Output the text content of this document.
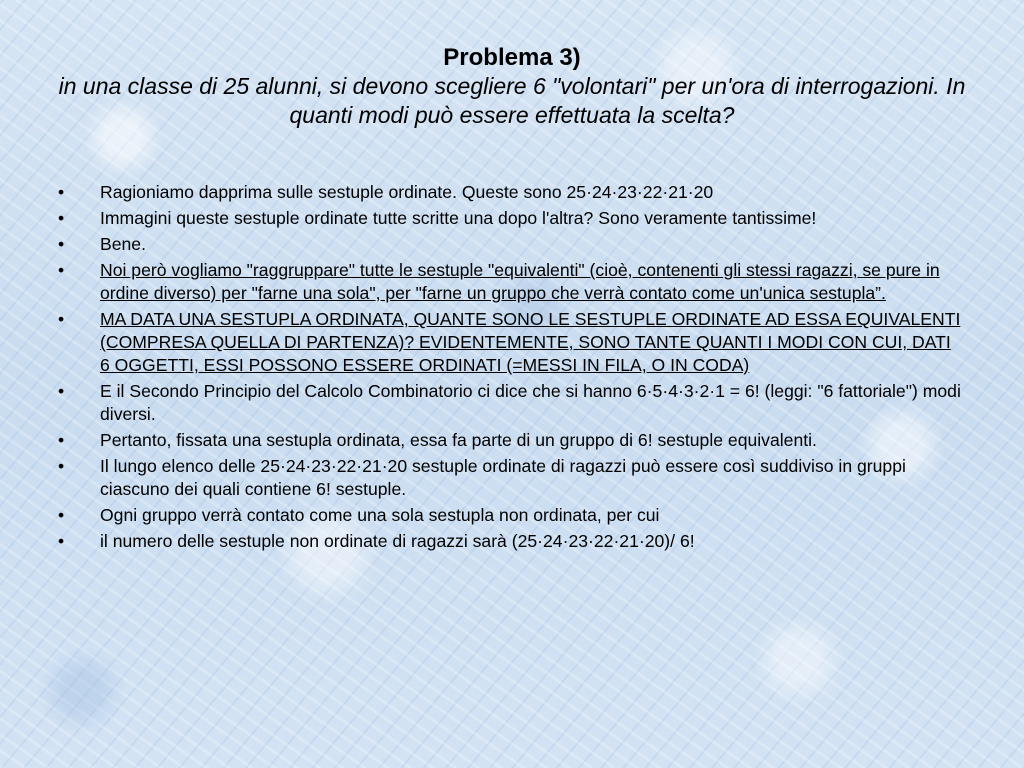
Problema 3)
in una classe di 25 alunni, si devono scegliere 6 "volontari" per un'ora di interrogazioni. In quanti modi può essere effettuata la scelta?
• Ragioniamo dapprima sulle sestuple ordinate. Queste sono 25·24·23·22·21·20
• Immagini queste sestuple ordinate tutte scritte una dopo l'altra? Sono veramente tantissime!
• Bene.
• Noi però vogliamo "raggruppare" tutte le sestuple "equivalenti" (cioè, contenenti gli stessi ragazzi, se pure in ordine diverso) per "farne una sola", per "farne un gruppo che verrà contato come un'unica sestupla”.
• MA DATA UNA SESTUPLA ORDINATA, QUANTE SONO LE SESTUPLE ORDINATE AD ESSA EQUIVALENTI (COMPRESA QUELLA DI PARTENZA)? EVIDENTEMENTE, SONO TANTE QUANTI I MODI CON CUI, DATI 6 OGGETTI, ESSI POSSONO ESSERE ORDINATI (=MESSI IN FILA, O IN CODA)
• E il Secondo Principio del Calcolo Combinatorio ci dice che si hanno 6·5·4·3·2·1 = 6! (leggi: "6 fattoriale") modi diversi.
• Pertanto, fissata una sestupla ordinata, essa fa parte di un gruppo di 6! sestuple equivalenti.
• Il lungo elenco delle 25·24·23·22·21·20 sestuple ordinate di ragazzi può essere così suddiviso in gruppi ciascuno dei quali contiene 6! sestuple.
• Ogni gruppo verrà contato come una sola sestupla non ordinata, per cui
• il numero delle sestuple non ordinate di ragazzi sarà (25·24·23·22·21·20)/ 6!
